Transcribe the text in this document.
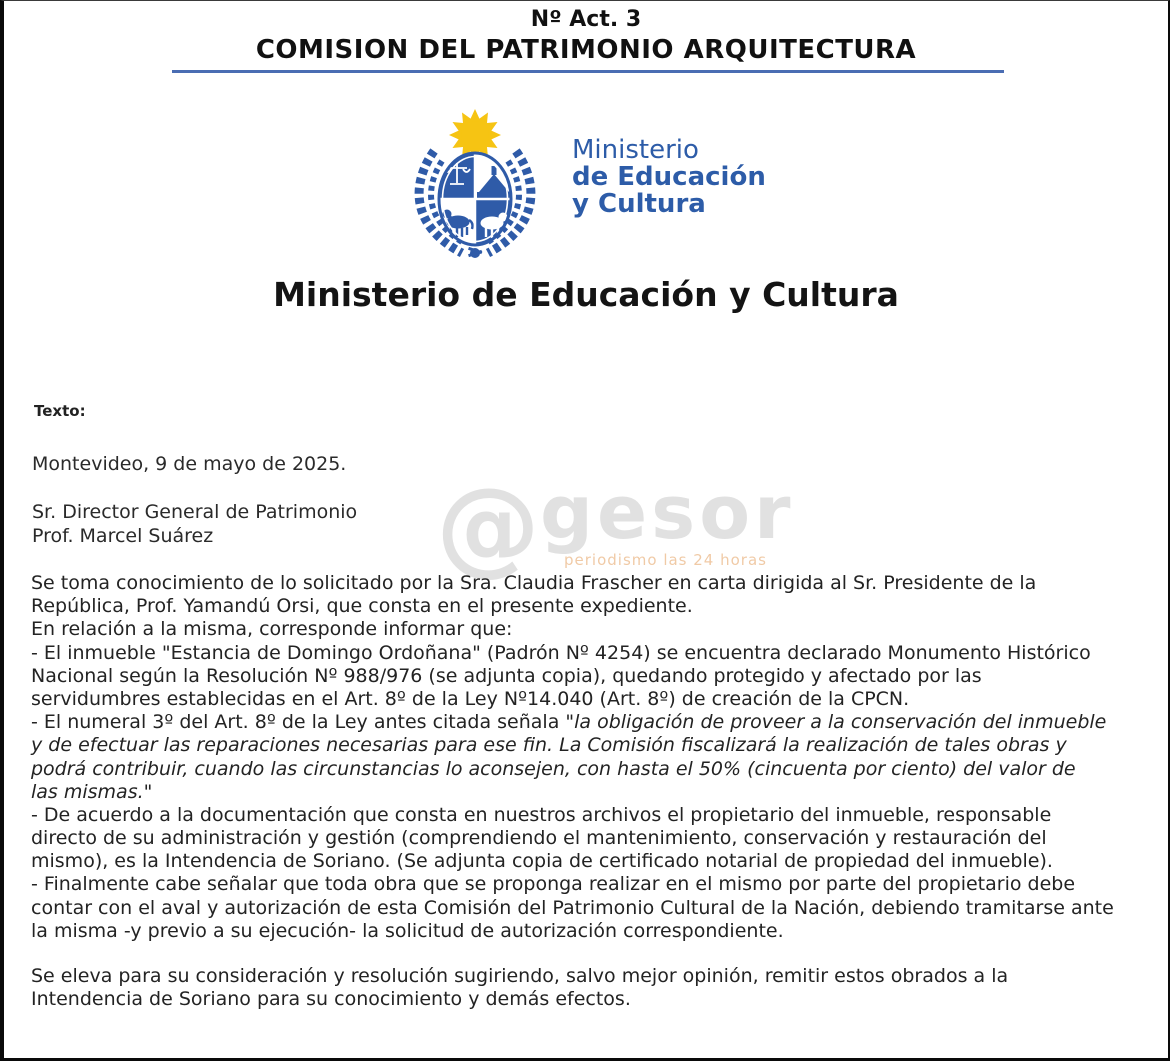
Nº Act. 3
COMISION DEL PATRIMONIO ARQUITECTURA
Ministerio
de Educación
y Cultura
Ministerio de Educación y Cultura
Texto:
Montevideo, 9 de mayo de 2025.
Sr. Director General de Patrimonio
Prof. Marcel Suárez	@gesor
periodismo las 24 horas
Se toma conocimiento de lo solicitado por la Sra. Claudia Frascher en carta dirigida al Sr. Presidente de la
República, Prof. Yamandú Orsi, que consta en el presente expediente.
En relación a la misma, corresponde informar que:
- El inmueble "Estancia de Domingo Ordoñana" (Padrón Nº 4254) se encuentra declarado Monumento Histórico
Nacional según la Resolución Nº 988/976 (se adjunta copia), quedando protegido y afectado por las
servidumbres establecidas en el Art. 8º de la Ley Nº14.040 (Art. 8º) de creación de la CPCN.
- El numeral 3º del Art. 8º de la Ley antes citada señala "la obligación de proveer a la conservación del inmueble
y de efectuar las reparaciones necesarias para ese fin. La Comisión fiscalizará la realización de tales obras y
podrá contribuir, cuando las circunstancias lo aconsejen, con hasta el 50% (cincuenta por ciento) del valor de
las mismas."
- De acuerdo a la documentación que consta en nuestros archivos el propietario del inmueble, responsable
directo de su administración y gestión (comprendiendo el mantenimiento, conservación y restauración del
mismo), es la Intendencia de Soriano. (Se adjunta copia de certificado notarial de propiedad del inmueble).
- Finalmente cabe señalar que toda obra que se proponga realizar en el mismo por parte del propietario debe
contar con el aval y autorización de esta Comisión del Patrimonio Cultural de la Nación, debiendo tramitarse ante
la misma -y previo a su ejecución- la solicitud de autorización correspondiente.
Se eleva para su consideración y resolución sugiriendo, salvo mejor opinión, remitir estos obrados a la
Intendencia de Soriano para su conocimiento y demás efectos.
